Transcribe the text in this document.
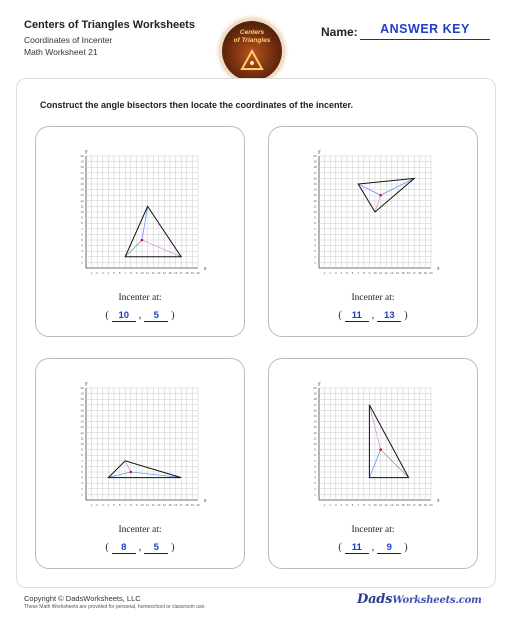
Centers of Triangles Worksheets
Coordinates of Incenter
Math Worksheet 21
Centers
of Triangles
Name:	ANSWER KEY
Construct the angle bisectors then locate the coordinates of the incenter.
1
1
2
2
3
3
4
4
5
5
6
6
7
7
8
8
9
9
10
10
11
11
12
12
13
13
14
14
15
15
16
16
17
17
18
18
19
19
20
20
x
y
Incenter at:
( 10 , 5 )
1
1
2
2
3
3
4
4
5
5
6
6
7
7
8
8
9
9
10
10
11
11
12
12
13
13
14
14
15
15
16
16
17
17
18
18
19
19
20
20
x
y
Incenter at:
( 11 , 13 )
1
1
2
2
3
3
4
4
5
5
6
6
7
7
8
8
9
9
10
10
11
11
12
12
13
13
14
14
15
15
16
16
17
17
18
18
19
19
20
20
x
y
Incenter at:
( 8 , 5 )
1
1
2
2
3
3
4
4
5
5
6
6
7
7
8
8
9
9
10
10
11
11
12
12
13
13
14
14
15
15
16
16
17
17
18
18
19
19
20
20
x
y
Incenter at:
( 11 , 9 )
Copyright © DadsWorksheets, LLC
These Math Worksheets are provided for personal, homeschool or classroom use.	DadsWorksheets.com
